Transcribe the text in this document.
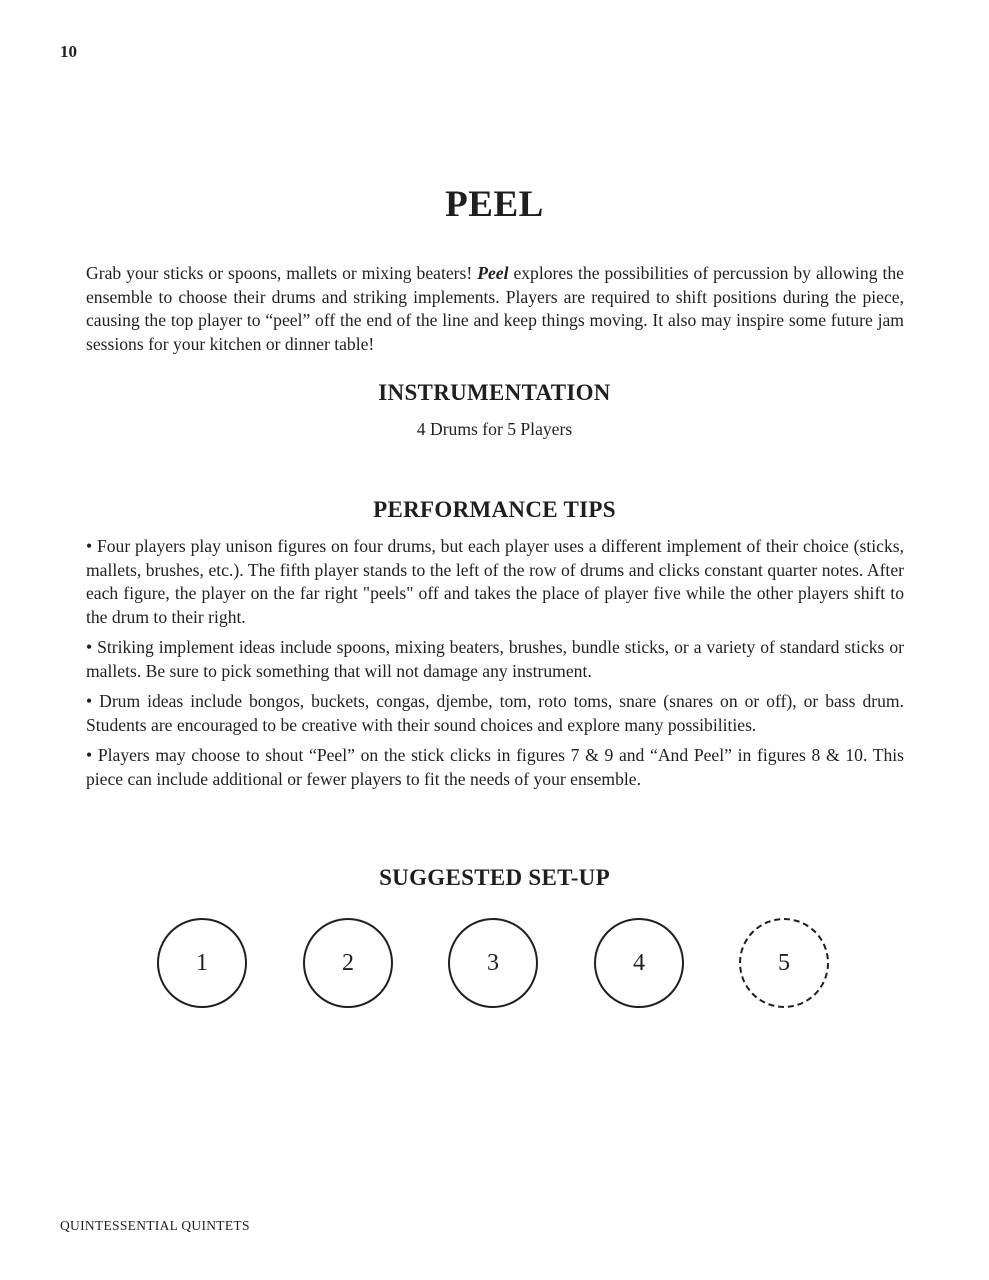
10
PEEL

Grab your sticks or spoons, mallets or mixing beaters! Peel explores the possibilities of percussion by allowing the ensemble to choose their drums and striking implements. Players are required to shift positions during the piece, causing the top player to “peel” off the end of the line and keep things moving. It also may inspire some future jam sessions for your kitchen or dinner table!

INSTRUMENTATION

4 Drums for 5 Players

PERFORMANCE TIPS

• Four players play unison figures on four drums, but each player uses a different implement of their choice (sticks, mallets, brushes, etc.). The fifth player stands to the left of the row of drums and clicks constant quarter notes. After each figure, the player on the far right "peels" off and takes the place of player five while the other players shift to the drum to their right.

• Striking implement ideas include spoons, mixing beaters, brushes, bundle sticks, or a variety of standard sticks or mallets. Be sure to pick something that will not damage any instrument.

• Drum ideas include bongos, buckets, congas, djembe, tom, roto toms, snare (snares on or off), or bass drum. Students are encouraged to be creative with their sound choices and explore many possibilities.

• Players may choose to shout “Peel” on the stick clicks in figures 7 & 9 and “And Peel” in figures 8 & 10. This piece can include additional or fewer players to fit the needs of your ensemble.

SUGGESTED SET-UP
1	2	3	4	5
QUINTESSENTIAL QUINTETS
